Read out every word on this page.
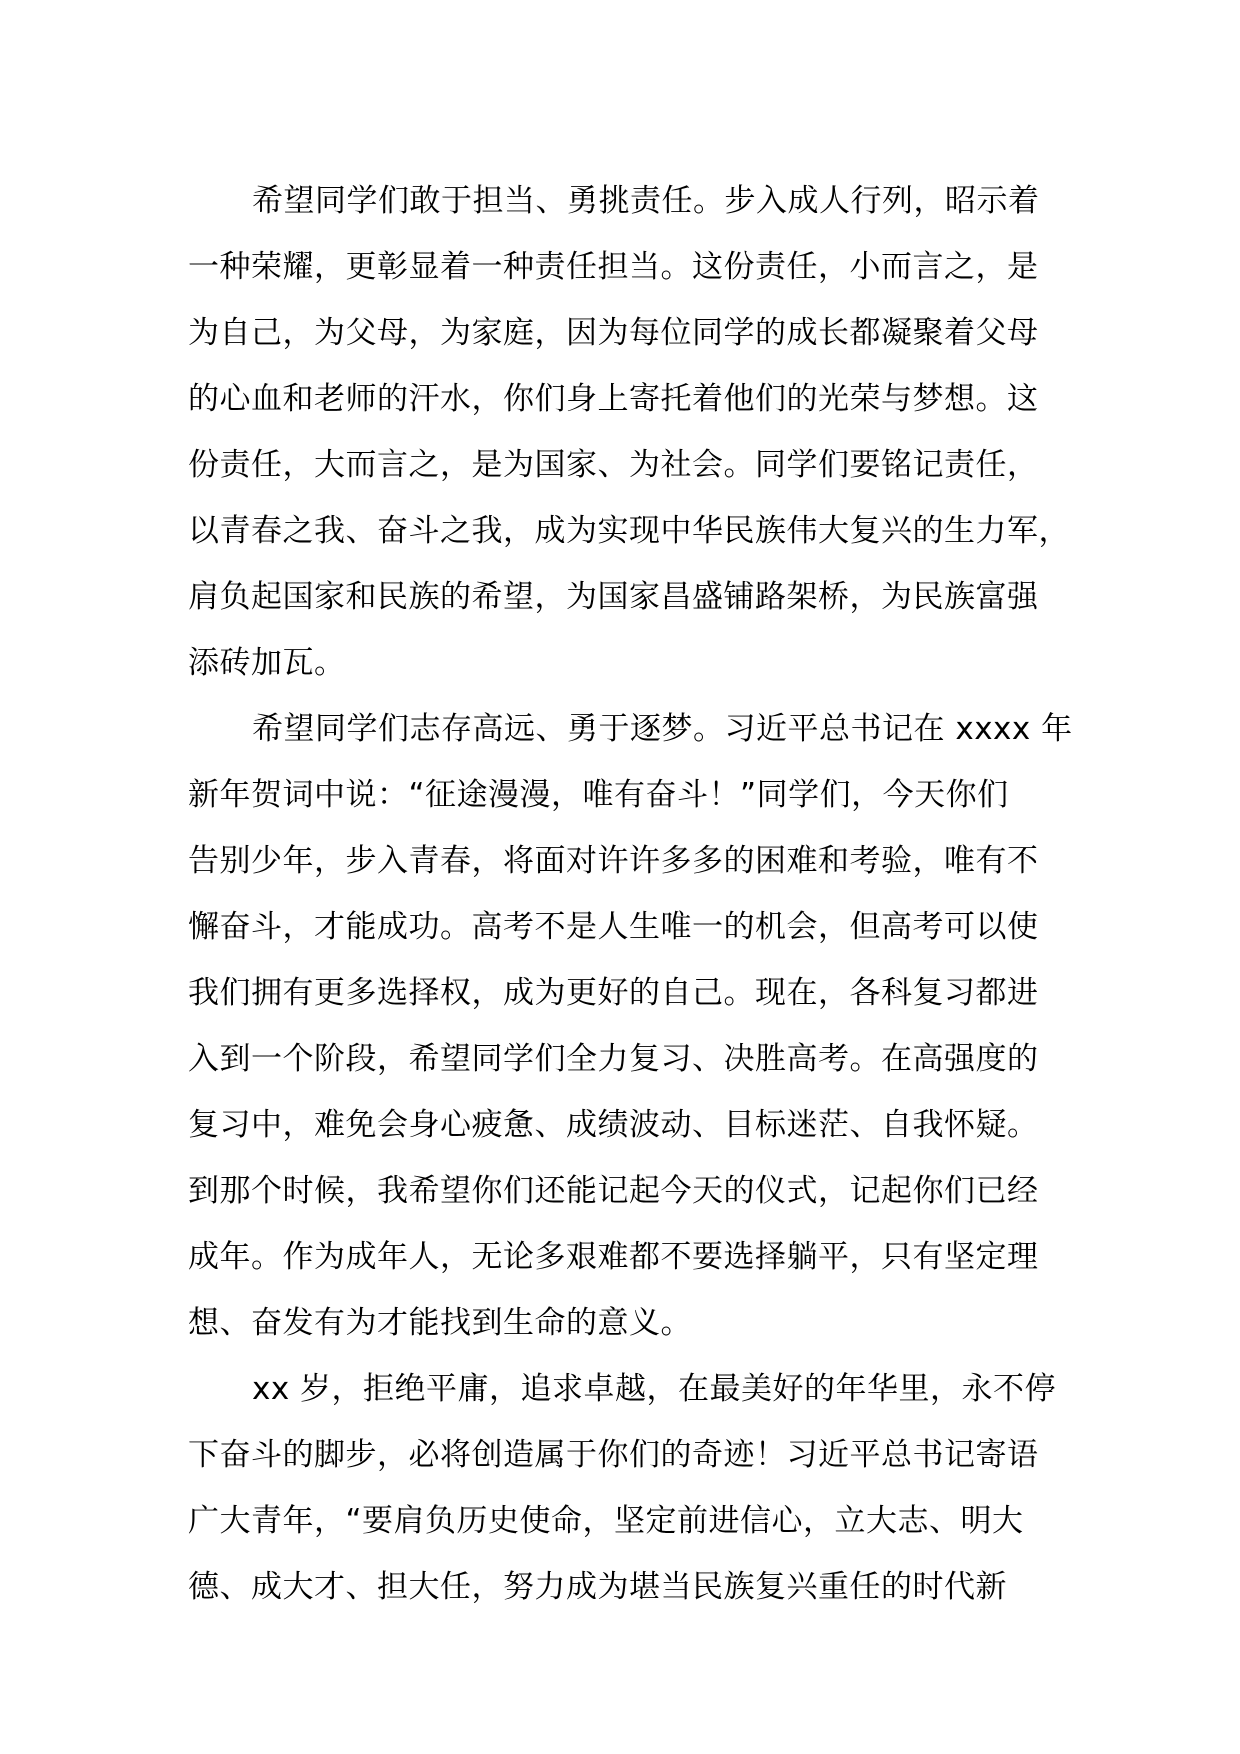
希望同学们敢于担当、勇挑责任。步入成人行列，昭示着
一种荣耀，更彰显着一种责任担当。这份责任，小而言之，是
为自己，为父母，为家庭，因为每位同学的成长都凝聚着父母
的心血和老师的汗水，你们身上寄托着他们的光荣与梦想。这
份责任，大而言之，是为国家、为社会。同学们要铭记责任，
以青春之我、奋斗之我，成为实现中华民族伟大复兴的生力军，
肩负起国家和民族的希望，为国家昌盛铺路架桥，为民族富强
添砖加瓦。
希望同学们志存高远、勇于逐梦。习近平总书记在 xxxx 年
新年贺词中说：“征途漫漫，唯有奋斗！”同学们，今天你们
告别少年，步入青春，将面对许许多多的困难和考验，唯有不
懈奋斗，才能成功。高考不是人生唯一的机会，但高考可以使
我们拥有更多选择权，成为更好的自己。现在，各科复习都进
入到一个阶段，希望同学们全力复习、决胜高考。在高强度的
复习中，难免会身心疲惫、成绩波动、目标迷茫、自我怀疑。
到那个时候，我希望你们还能记起今天的仪式，记起你们已经
成年。作为成年人，无论多艰难都不要选择躺平，只有坚定理
想、奋发有为才能找到生命的意义。
xx 岁，拒绝平庸，追求卓越，在最美好的年华里，永不停
下奋斗的脚步，必将创造属于你们的奇迹！习近平总书记寄语
广大青年，“要肩负历史使命，坚定前进信心，立大志、明大
德、成大才、担大任，努力成为堪当民族复兴重任的时代新
